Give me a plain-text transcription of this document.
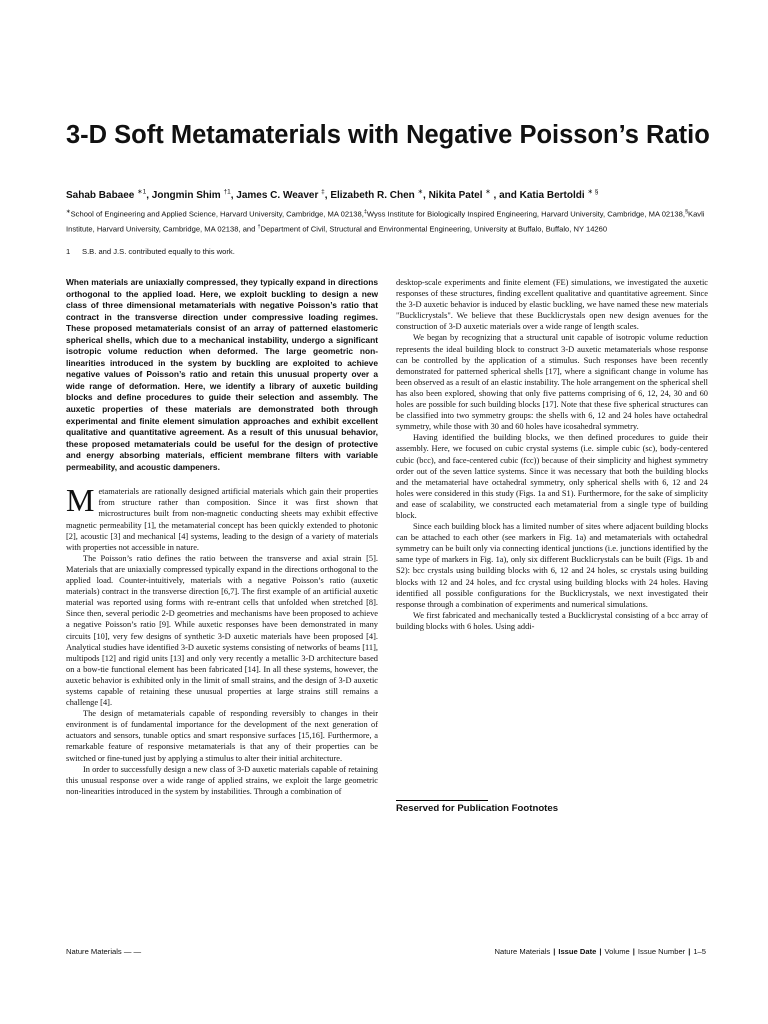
3-D Soft Metamaterials with Negative Poisson’s Ratio
Sahab Babaee $^{∗1}$, Jongmin Shim $^{\dagger 1}$, James C. Weaver ‡, Elizabeth R. Chen ∗, Nikita Patel ∗ , and Katia Bertoldi ∗ §
∗School of Engineering and Applied Science, Harvard University, Cambridge, MA 02138,‡Wyss Institute for Biologically Inspired Engineering, Harvard University, Cambridge, MA 02138,§Kavli Institute, Harvard University, Cambridge, MA 02138, and †Department of Civil, Structural and Environmental Engineering, University at Buffalo, Buffalo, NY 14260
1 S.B. and J.S. contributed equally to this work.

When materials are uniaxially compressed, they typically expand in directions orthogonal to the applied load. Here, we exploit buckling to design a new class of three dimensional metamaterials with negative Poisson’s ratio that contract in the transverse direction under compressive loading regimes. These proposed metamaterials consist of an array of patterned elastomeric spherical shells, which due to a mechanical instability, undergo a significant isotropic volume reduction when deformed. The large geometric non-linearities introduced in the system by buckling are exploited to achieve negative values of Poisson’s ratio and retain this unusual property over a wide range of deformation. Here, we identify a library of auxetic building blocks and define procedures to guide their selection and assembly. The auxetic properties of these materials are demonstrated both through experimental and finite element simulation approaches and exhibit excellent qualitative and quantitative agreement. As a result of this unusual behavior, these proposed metamaterials could be useful for the design of protective and energy absorbing materials, efficient membrane filters with variable permeability, and acoustic dampeners.

Metamaterials are rationally designed artificial materials which gain their properties from structure rather than composition. Since it was first shown that microstructures built from non-magnetic conducting sheets may exhibit effective magnetic permeability [1], the metamaterial concept has been quickly extended to photonic [2], acoustic [3] and mechanical [4] systems, leading to the design of a variety of materials with properties not accessible in nature.

The Poisson’s ratio defines the ratio between the transverse and axial strain [5]. Materials that are uniaxially compressed typically expand in the directions orthogonal to the applied load. Counter-intuitively, materials with a negative Poisson’s ratio (auxetic materials) contract in the transverse direction [6,7]. The first example of an artificial auxetic material was reported using forms with re-entrant cells that unfolded when stretched [8]. Since then, several periodic 2-D geometries and mechanisms have been proposed to achieve a negative Poisson’s ratio [9]. While auxetic responses have been demonstrated in many circuits [10], very few designs of synthetic 3-D auxetic materials have been proposed [4]. Analytical studies have identified 3-D auxetic systems consisting of networks of beams [11], multipods [12] and rigid units [13] and only very recently a metallic 3-D architecture based on a bow-tie functional element has been fabricated [14]. In all these systems, however, the auxetic behavior is exhibited only in the limit of small strains, and the design of 3-D auxetic systems capable of retaining these unusual properties at large strains still remains a challenge [4].

The design of metamaterials capable of responding reversibly to changes in their environment is of fundamental importance for the development of the next generation of actuators and sensors, tunable optics and smart responsive surfaces [15,16]. Furthermore, a remarkable feature of responsive metamaterials is that any of their properties can be switched or fine-tuned just by applying a stimulus to alter their initial architecture.

In order to successfully design a new class of 3-D auxetic materials capable of retaining this unusual response over a wide range of applied strains, we exploit the large geometric non-linearities introduced in the system by instabilities. Through a combination of

desktop-scale experiments and finite element (FE) simulations, we investigated the auxetic responses of these structures, finding excellent qualitative and quantitative agreement. Since the 3-D auxetic behavior is induced by elastic buckling, we have named these new materials "Bucklicrystals". We believe that these Bucklicrystals open new design avenues for the construction of 3-D auxetic materials over a wide range of length scales.

We began by recognizing that a structural unit capable of isotropic volume reduction represents the ideal building block to construct 3-D auxetic metamaterials whose response can be controlled by the application of a stimulus. Such responses have been recently demonstrated for patterned spherical shells [17], where a significant change in volume has been observed as a result of an elastic instability. The hole arrangement on the spherical shell has also been explored, showing that only five patterns comprising of 6, 12, 24, 30 and 60 holes are possible for such building blocks [17]. Note that these five spherical structures can be classified into two symmetry groups: the shells with 6, 12 and 24 holes have octahedral symmetry, while those with 30 and 60 holes have icosahedral symmetry.

Having identified the building blocks, we then defined procedures to guide their assembly. Here, we focused on cubic crystal systems (i.e. simple cubic (sc), body-centered cubic (bcc), and face-centered cubic (fcc)) because of their simplicity and highest symmetry order out of the seven lattice systems. Since it was necessary that both the building blocks and the metamaterial have octahedral symmetry, only spherical shells with 6, 12 and 24 holes were considered in this study (Figs. 1a and S1). Furthermore, for the sake of simplicity and ease of scalability, we constructed each metamaterial from a single type of building block.

Since each building block has a limited number of sites where adjacent building blocks can be attached to each other (see markers in Fig. 1a) and metamaterials with octahedral symmetry can be built only via connecting identical junctions (i.e. junctions identified by the same type of markers in Fig. 1a), only six different Bucklicrystals can be built (Figs. 1b and S2): bcc crystals using building blocks with 6, 12 and 24 holes, sc crystals using building blocks with 12 and 24 holes, and fcc crystal using building blocks with 24 holes. Having identified all possible configurations for the Bucklicrystals, we next investigated their response through a combination of experiments and numerical simulations.

We first fabricated and mechanically tested a Bucklicrystal consisting of a bcc array of building blocks with 6 holes. Using addi-

Reserved for Publication Footnotes
Nature Materials — —	Nature Materials | Issue Date | Volume | Issue Number | 1–5
